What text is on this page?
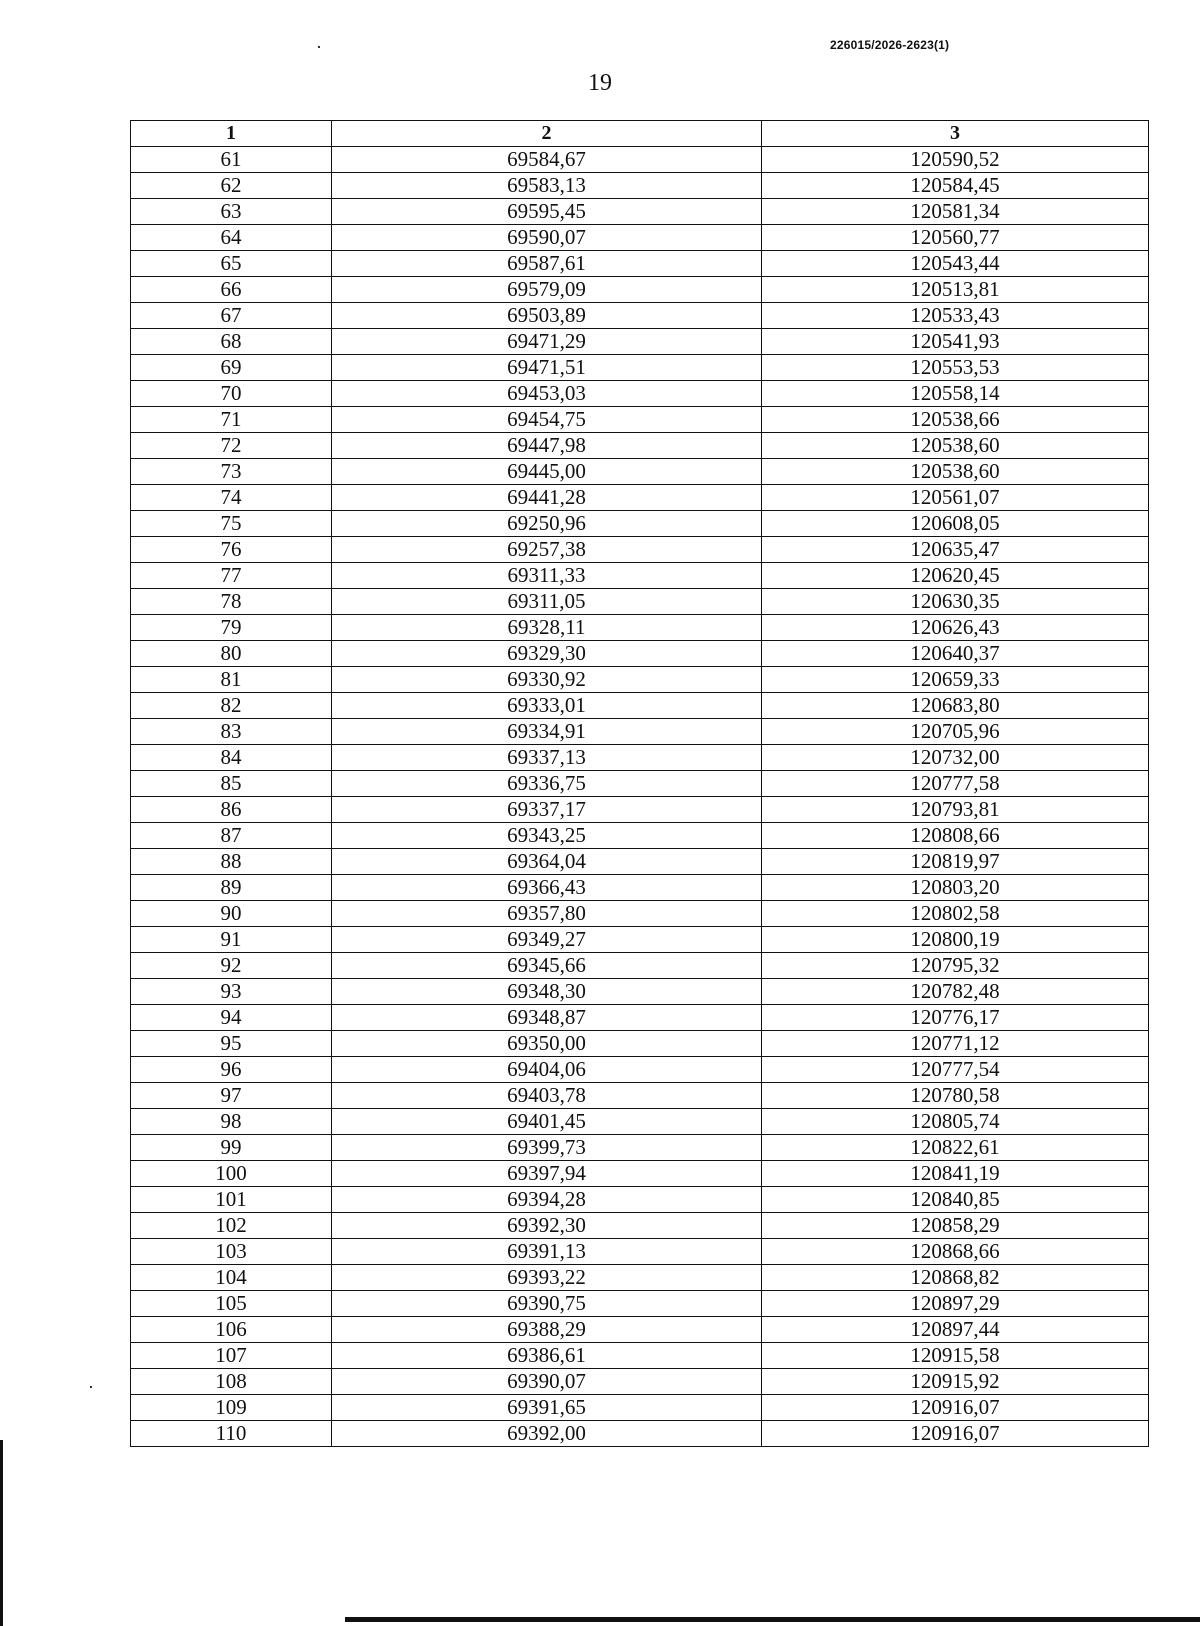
226015/2026-2623(1)
19
1	2	3
61	69584,67	120590,52
62	69583,13	120584,45
63	69595,45	120581,34
64	69590,07	120560,77
65	69587,61	120543,44
66	69579,09	120513,81
67	69503,89	120533,43
68	69471,29	120541,93
69	69471,51	120553,53
70	69453,03	120558,14
71	69454,75	120538,66
72	69447,98	120538,60
73	69445,00	120538,60
74	69441,28	120561,07
75	69250,96	120608,05
76	69257,38	120635,47
77	69311,33	120620,45
78	69311,05	120630,35
79	69328,11	120626,43
80	69329,30	120640,37
81	69330,92	120659,33
82	69333,01	120683,80
83	69334,91	120705,96
84	69337,13	120732,00
85	69336,75	120777,58
86	69337,17	120793,81
87	69343,25	120808,66
88	69364,04	120819,97
89	69366,43	120803,20
90	69357,80	120802,58
91	69349,27	120800,19
92	69345,66	120795,32
93	69348,30	120782,48
94	69348,87	120776,17
95	69350,00	120771,12
96	69404,06	120777,54
97	69403,78	120780,58
98	69401,45	120805,74
99	69399,73	120822,61
100	69397,94	120841,19
101	69394,28	120840,85
102	69392,30	120858,29
103	69391,13	120868,66
104	69393,22	120868,82
105	69390,75	120897,29
106	69388,29	120897,44
107	69386,61	120915,58
108	69390,07	120915,92
109	69391,65	120916,07
110	69392,00	120916,07
